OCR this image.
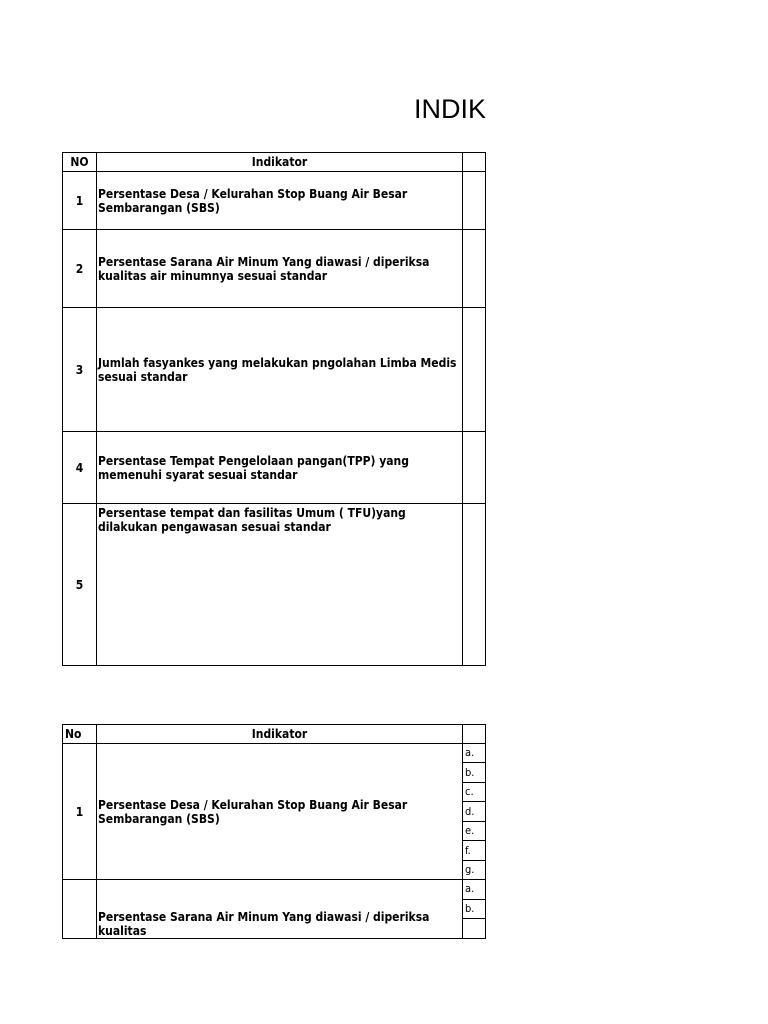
INDIK
NO	Indikator	
1	Persentase Desa / Kelurahan Stop Buang Air Besar Sembarangan (SBS)	
2	Persentase Sarana Air Minum Yang diawasi / diperiksa kualitas air minumnya sesuai standar	
3	Jumlah fasyankes yang melakukan pngolahan Limba Medis sesuai standar	
4	Persentase Tempat Pengelolaan pangan(TPP) yang memenuhi syarat sesuai standar	
5	Persentase tempat dan fasilitas Umum ( TFU)yang dilakukan pengawasan sesuai standar	
No	Indikator	
1	Persentase Desa / Kelurahan Stop Buang Air Besar Sembarangan (SBS)	a.
		b.
		c.
		d.
		e.
		f.
		g.
	Persentase Sarana Air Minum Yang diawasi / diperiksa kualitas	a.
		b.
